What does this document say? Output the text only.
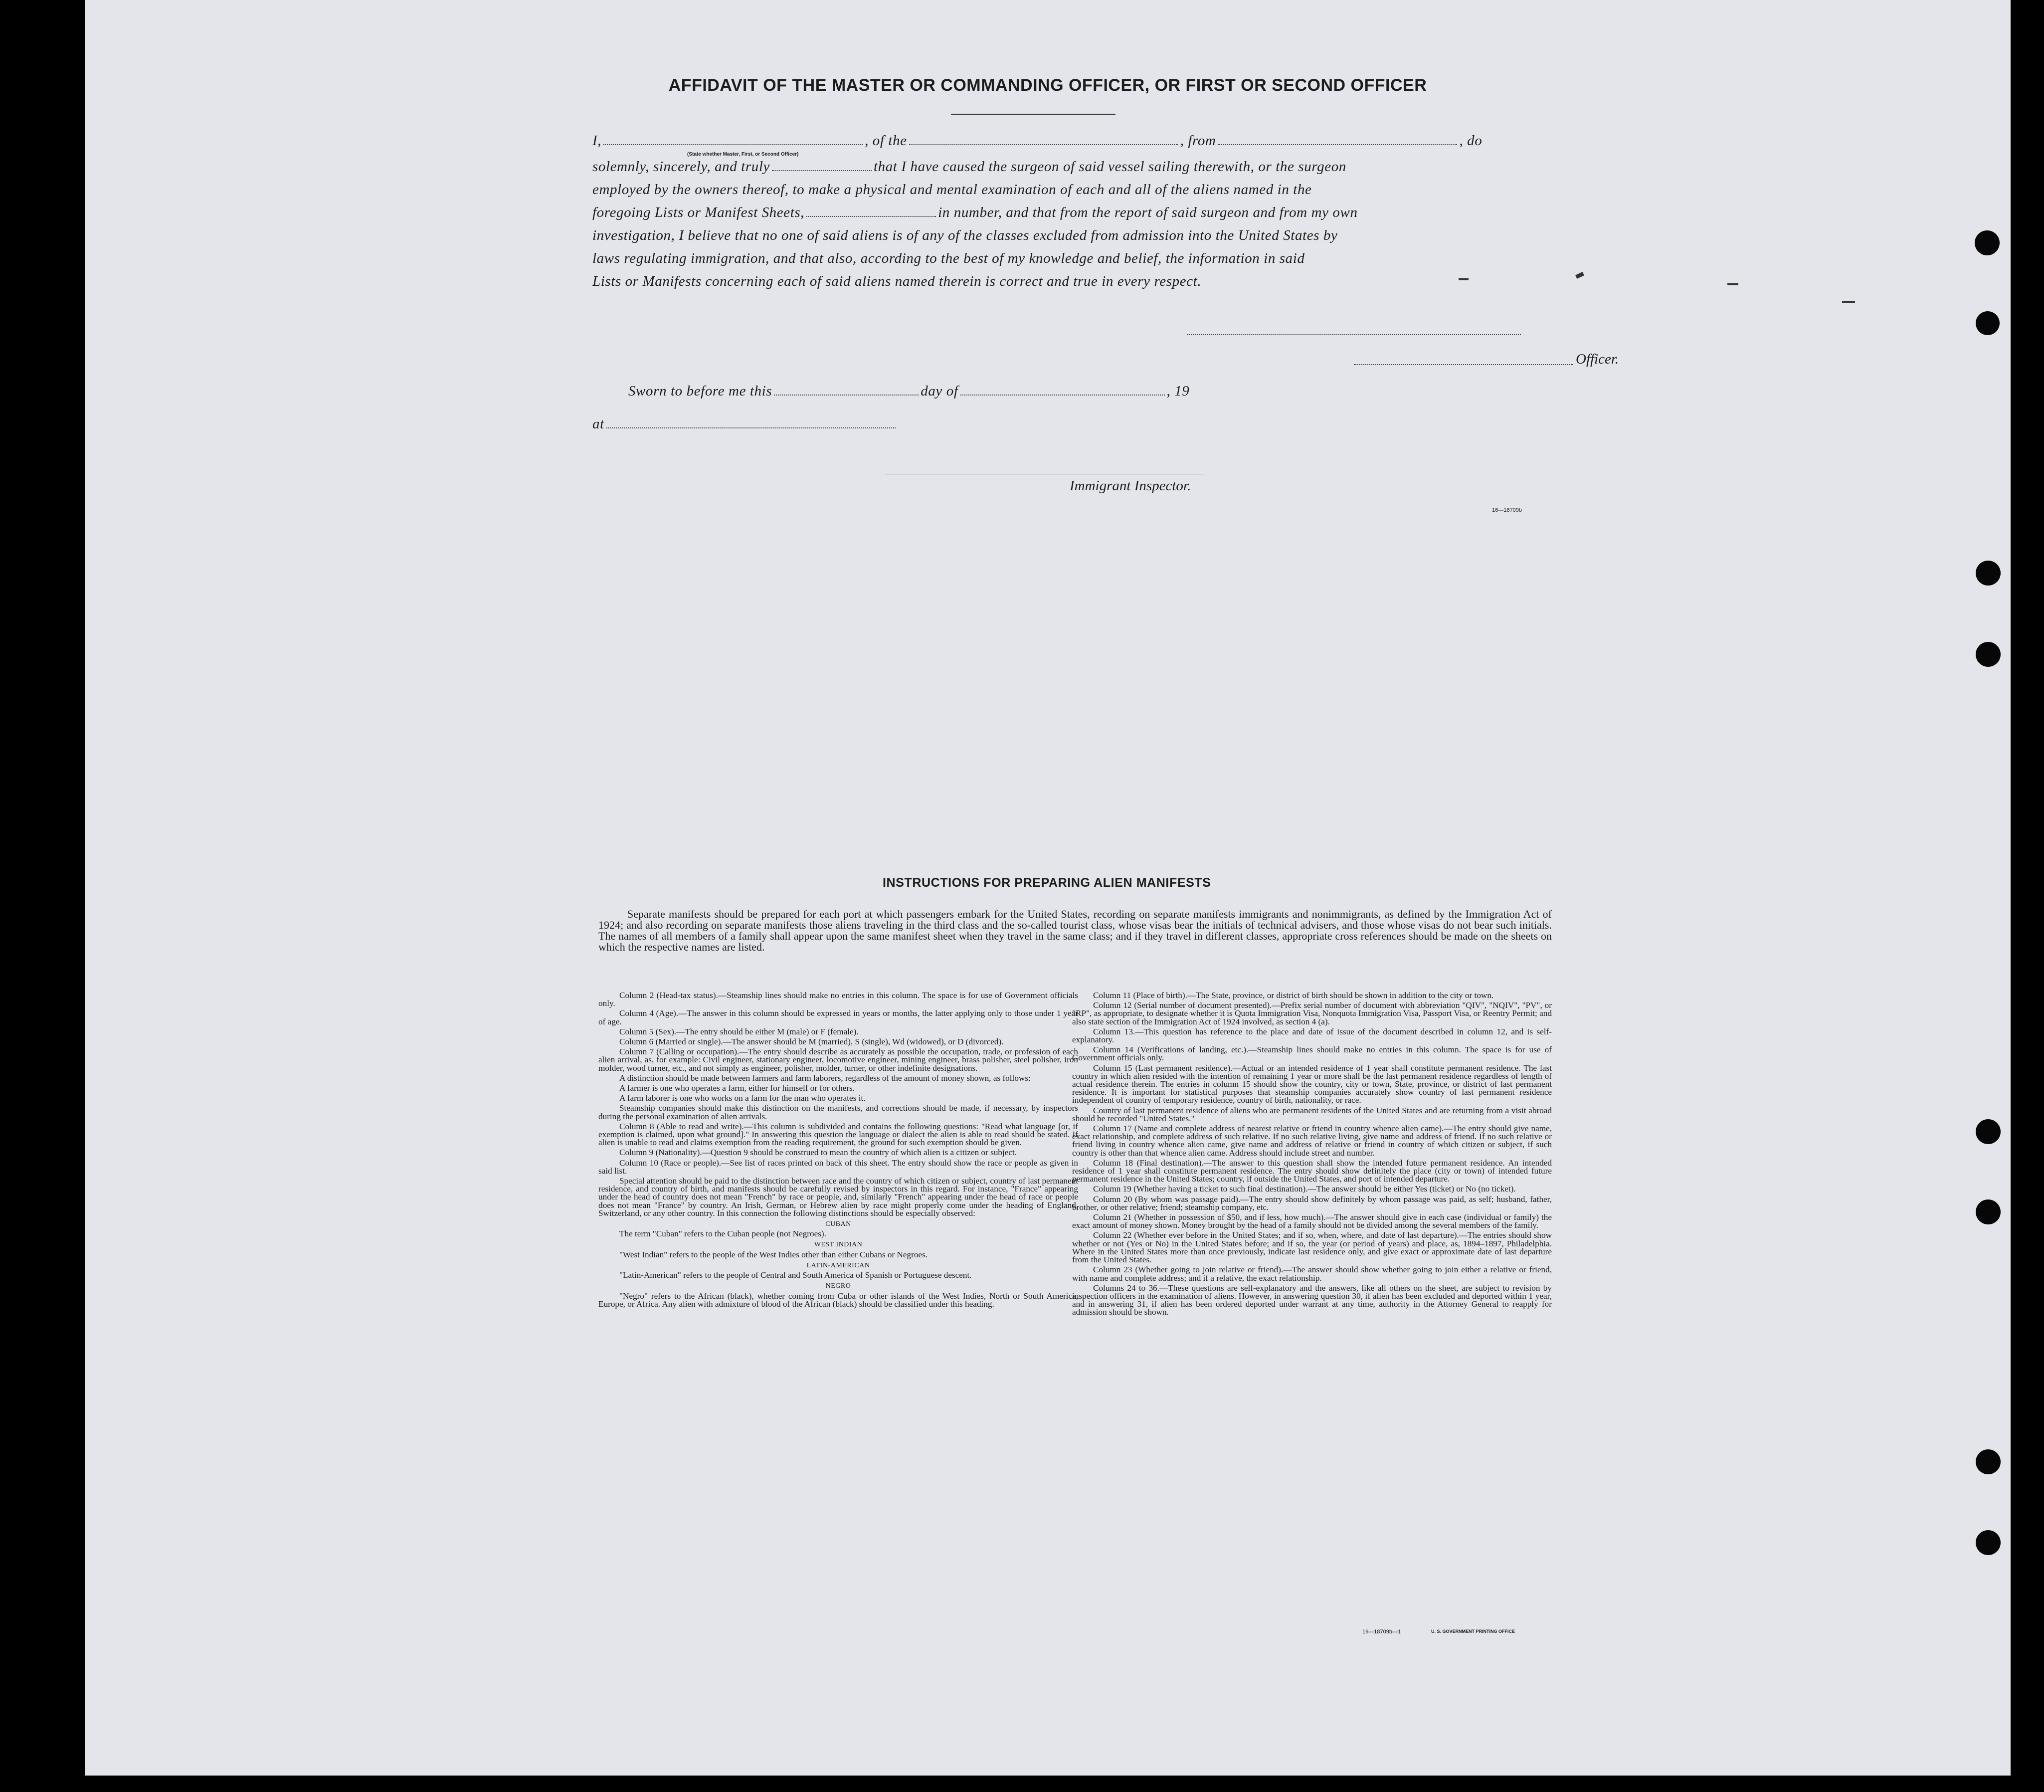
AFFIDAVIT OF THE MASTER OR COMMANDING OFFICER, OR FIRST OR SECOND OFFICER
I,	, of the	, from	, do
(State whether Master, First, or Second Officer)
solemnly, sincerely, and truly	that I have caused the surgeon of said vessel sailing therewith, or the surgeon
employed by the owners thereof, to make a physical and mental examination of each and all of the aliens named in the
foregoing Lists or Manifest Sheets,	in number, and that from the report of said surgeon and from my own
investigation, I believe that no one of said aliens is of any of the classes excluded from admission into the United States by
laws regulating immigration, and that also, according to the best of my knowledge and belief, the information in said
Lists or Manifests concerning each of said aliens named therein is correct and true in every respect.
Officer.
Sworn to before me this	day of	, 19
at
Immigrant Inspector.
16—18709b
INSTRUCTIONS FOR PREPARING ALIEN MANIFESTS

Separate manifests should be prepared for each port at which passengers embark for the United States, recording on separate manifests immigrants and nonimmigrants, as defined by the Immigration Act of 1924; and also recording on separate manifests those aliens traveling in the third class and the so-called tourist class, whose visas bear the initials of technical advisers, and those whose visas do not bear such initials. The names of all members of a family shall appear upon the same manifest sheet when they travel in the same class; and if they travel in different classes, appropriate cross references should be made on the sheets on which the respective names are listed.

Column 2 (Head-tax status).—Steamship lines should make no entries in this column. The space is for use of Government officials only.

Column 4 (Age).—The answer in this column should be expressed in years or months, the latter applying only to those under 1 year of age.

Column 5 (Sex).—The entry should be either M (male) or F (female).

Column 6 (Married or single).—The answer should be M (married), S (single), Wd (widowed), or D (divorced).

Column 7 (Calling or occupation).—The entry should describe as accurately as possible the occupation, trade, or profession of each alien arrival, as, for example: Civil engineer, stationary engineer, locomotive engineer, mining engineer, brass polisher, steel polisher, iron molder, wood turner, etc., and not simply as engineer, polisher, molder, turner, or other indefinite designations.

A distinction should be made between farmers and farm laborers, regardless of the amount of money shown, as follows:

A farmer is one who operates a farm, either for himself or for others.

A farm laborer is one who works on a farm for the man who operates it.

Steamship companies should make this distinction on the manifests, and corrections should be made, if necessary, by inspectors during the personal examination of alien arrivals.

Column 8 (Able to read and write).—This column is subdivided and contains the following questions: "Read what language [or, if exemption is claimed, upon what ground]." In answering this question the language or dialect the alien is able to read should be stated. If alien is unable to read and claims exemption from the reading requirement, the ground for such exemption should be given.

Column 9 (Nationality).—Question 9 should be construed to mean the country of which alien is a citizen or subject.

Column 10 (Race or people).—See list of races printed on back of this sheet. The entry should show the race or people as given in said list.

Special attention should be paid to the distinction between race and the country of which citizen or subject, country of last permanent residence, and country of birth, and manifests should be carefully revised by inspectors in this regard. For instance, "France" appearing under the head of country does not mean "French" by race or people, and, similarly "French" appearing under the head of race or people does not mean "France" by country. An Irish, German, or Hebrew alien by race might properly come under the heading of England, Switzerland, or any other country. In this connection the following distinctions should be especially observed:

CUBAN

The term "Cuban" refers to the Cuban people (not Negroes).

WEST INDIAN

"West Indian" refers to the people of the West Indies other than either Cubans or Negroes.

LATIN-AMERICAN

"Latin-American" refers to the people of Central and South America of Spanish or Portuguese descent.

NEGRO

"Negro" refers to the African (black), whether coming from Cuba or other islands of the West Indies, North or South America, Europe, or Africa. Any alien with admixture of blood of the African (black) should be classified under this heading.

Column 11 (Place of birth).—The State, province, or district of birth should be shown in addition to the city or town.

Column 12 (Serial number of document presented).—Prefix serial number of document with abbreviation "QIV", "NQIV", "PV", or "RP", as appropriate, to designate whether it is Quota Immigration Visa, Nonquota Immigration Visa, Passport Visa, or Reentry Permit; and also state section of the Immigration Act of 1924 involved, as section 4 (a).

Column 13.—This question has reference to the place and date of issue of the document described in column 12, and is self-explanatory.

Column 14 (Verifications of landing, etc.).—Steamship lines should make no entries in this column. The space is for use of Government officials only.

Column 15 (Last permanent residence).—Actual or an intended residence of 1 year shall constitute permanent residence. The last country in which alien resided with the intention of remaining 1 year or more shall be the last permanent residence regardless of length of actual residence therein. The entries in column 15 should show the country, city or town, State, province, or district of last permanent residence. It is important for statistical purposes that steamship companies accurately show country of last permanent residence independent of country of temporary residence, country of birth, nationality, or race.

Country of last permanent residence of aliens who are permanent residents of the United States and are returning from a visit abroad should be recorded "United States."

Column 17 (Name and complete address of nearest relative or friend in country whence alien came).—The entry should give name, exact relationship, and complete address of such relative. If no such relative living, give name and address of friend. If no such relative or friend living in country whence alien came, give name and address of relative or friend in country of which citizen or subject, if such country is other than that whence alien came. Address should include street and number.

Column 18 (Final destination).—The answer to this question shall show the intended future permanent residence. An intended residence of 1 year shall constitute permanent residence. The entry should show definitely the place (city or town) of intended future permanent residence in the United States; country, if outside the United States, and port of intended departure.

Column 19 (Whether having a ticket to such final destination).—The answer should be either Yes (ticket) or No (no ticket).

Column 20 (By whom was passage paid).—The entry should show definitely by whom passage was paid, as self; husband, father, brother, or other relative; friend; steamship company, etc.

Column 21 (Whether in possession of $50, and if less, how much).—The answer should give in each case (individual or family) the exact amount of money shown. Money brought by the head of a family should not be divided among the several members of the family.

Column 22 (Whether ever before in the United States; and if so, when, where, and date of last departure).—The entries should show whether or not (Yes or No) in the United States before; and if so, the year (or period of years) and place, as, 1894–1897, Philadelphia. Where in the United States more than once previously, indicate last residence only, and give exact or approximate date of last departure from the United States.

Column 23 (Whether going to join relative or friend).—The answer should show whether going to join either a relative or friend, with name and complete address; and if a relative, the exact relationship.

Columns 24 to 36.—These questions are self-explanatory and the answers, like all others on the sheet, are subject to revision by inspection officers in the examination of aliens. However, in answering question 30, if alien has been excluded and deported within 1 year, and in answering 31, if alien has been ordered deported under warrant at any time, authority in the Attorney General to reapply for admission should be shown.

16—18709b—1	U. S. GOVERNMENT PRINTING OFFICE
